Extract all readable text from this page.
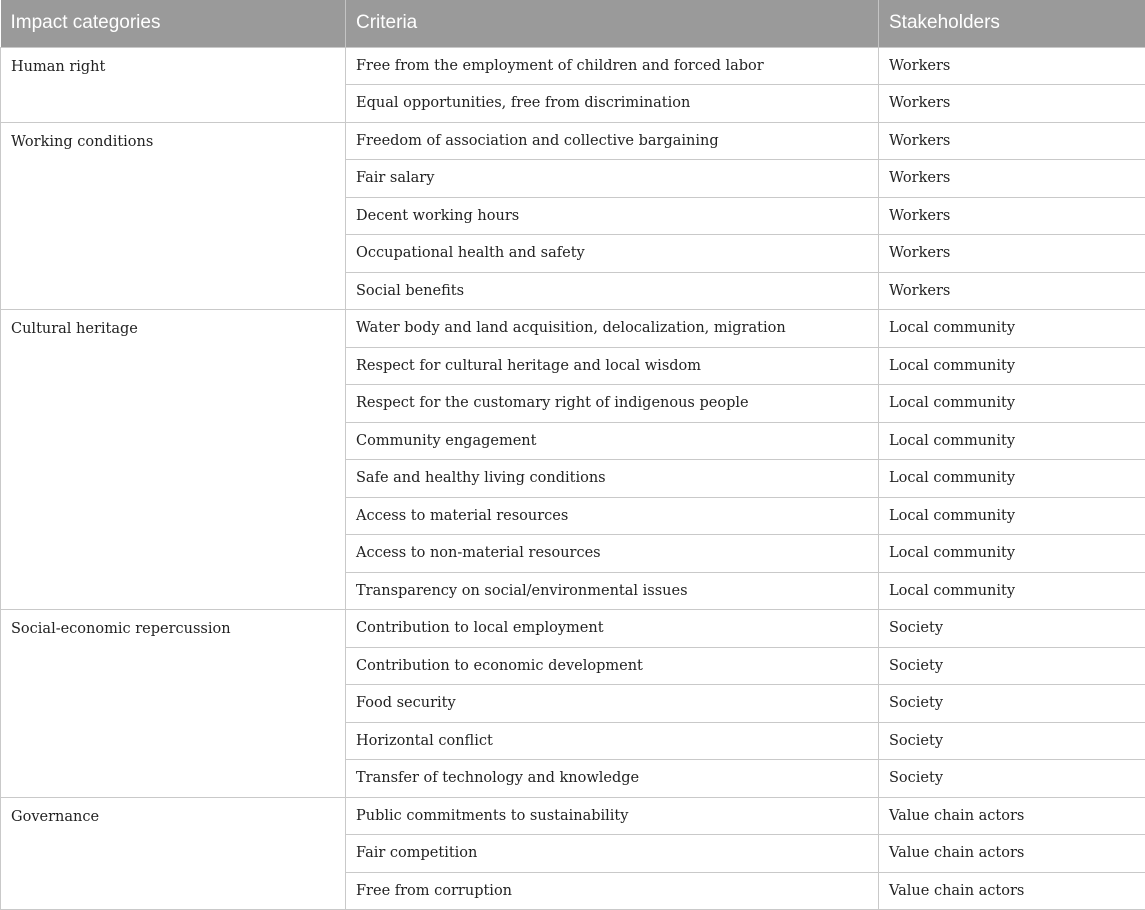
Impact categories	Criteria	Stakeholders
Human right	Free from the employment of children and forced labor	Workers
	Equal opportunities, free from discrimination	Workers
Working conditions	Freedom of association and collective bargaining	Workers
	Fair salary	Workers
	Decent working hours	Workers
	Occupational health and safety	Workers
	Social benefits	Workers
Cultural heritage	Water body and land acquisition, delocalization, migration	Local community
	Respect for cultural heritage and local wisdom	Local community
	Respect for the customary right of indigenous people	Local community
	Community engagement	Local community
	Safe and healthy living conditions	Local community
	Access to material resources	Local community
	Access to non-material resources	Local community
	Transparency on social/environmental issues	Local community
Social-economic repercussion	Contribution to local employment	Society
	Contribution to economic development	Society
	Food security	Society
	Horizontal conflict	Society
	Transfer of technology and knowledge	Society
Governance	Public commitments to sustainability	Value chain actors
	Fair competition	Value chain actors
	Free from corruption	Value chain actors
